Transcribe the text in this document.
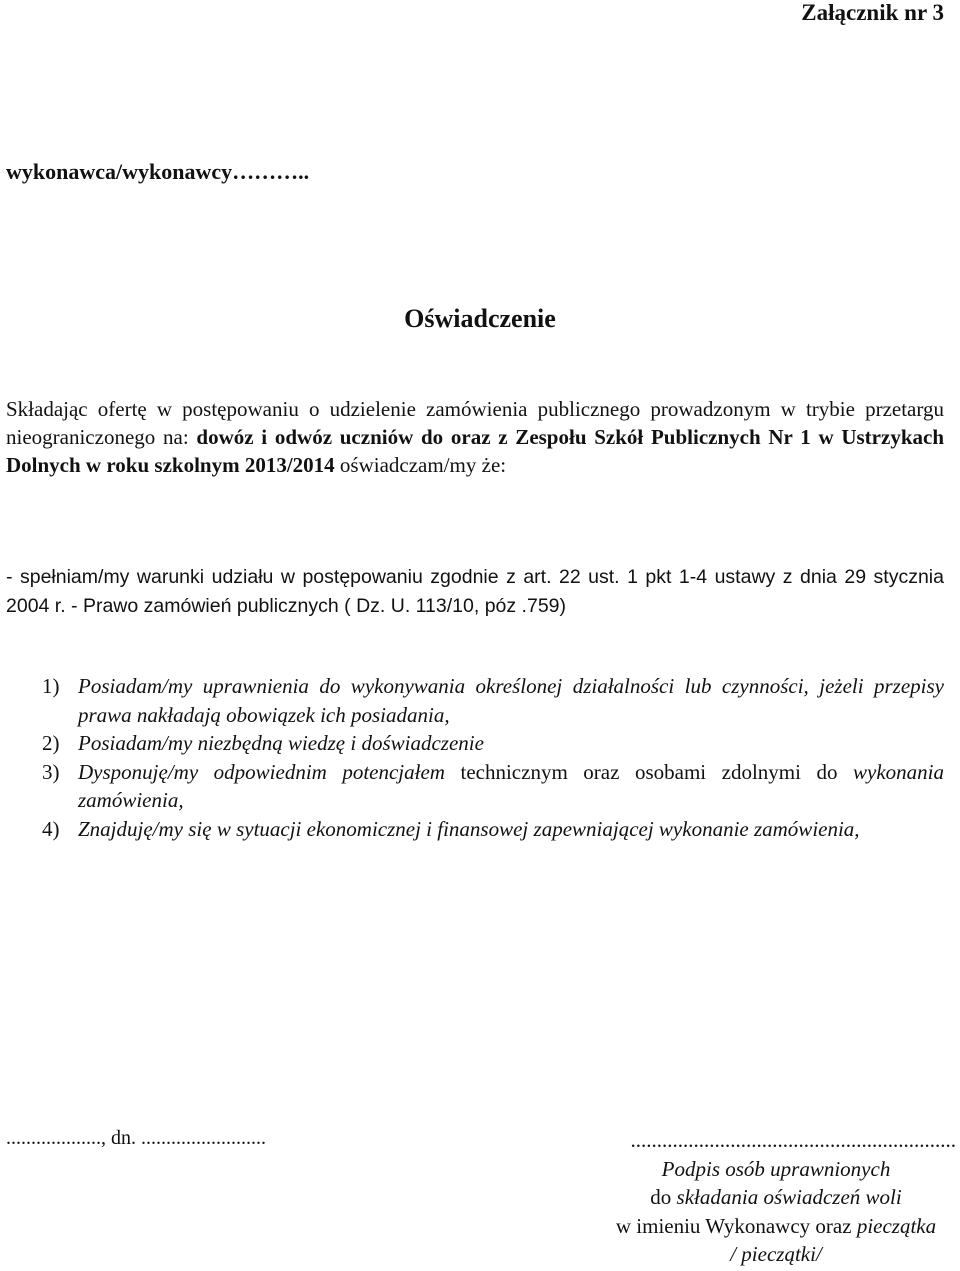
Załącznik nr 3
wykonawca/wykonawcy………..
Oświadczenie
Składając ofertę w postępowaniu o udzielenie zamówienia publicznego prowadzonym w trybie przetargu nieograniczonego na: dowóz i odwóz uczniów do oraz z Zespołu Szkół Publicznych Nr 1 w Ustrzykach Dolnych w roku szkolnym 2013/2014 oświadczam/my że:
- spełniam/my warunki udziału w postępowaniu zgodnie z art. 22 ust. 1 pkt 1-4 ustawy z dnia 29 stycznia 2004 r. - Prawo zamówień publicznych ( Dz. U. 113/10, póz .759)
1) Posiadam/my uprawnienia do wykonywania określonej działalności lub czynności, jeżeli przepisy prawa nakładają obowiązek ich posiadania,
2) Posiadam/my niezbędną wiedzę i doświadczenie
3) Dysponuję/my odpowiednim potencjałem technicznym oraz osobami zdolnymi do wykonania zamówienia,
4) Znajduję/my się w sytuacji ekonomicznej i finansowej zapewniającej wykonanie zamówienia,
..................., dn. .........................	..............................................................
Podpis osób uprawnionych
do składania oświadczeń woli
w imieniu Wykonawcy oraz pieczątka
/ pieczątki/
